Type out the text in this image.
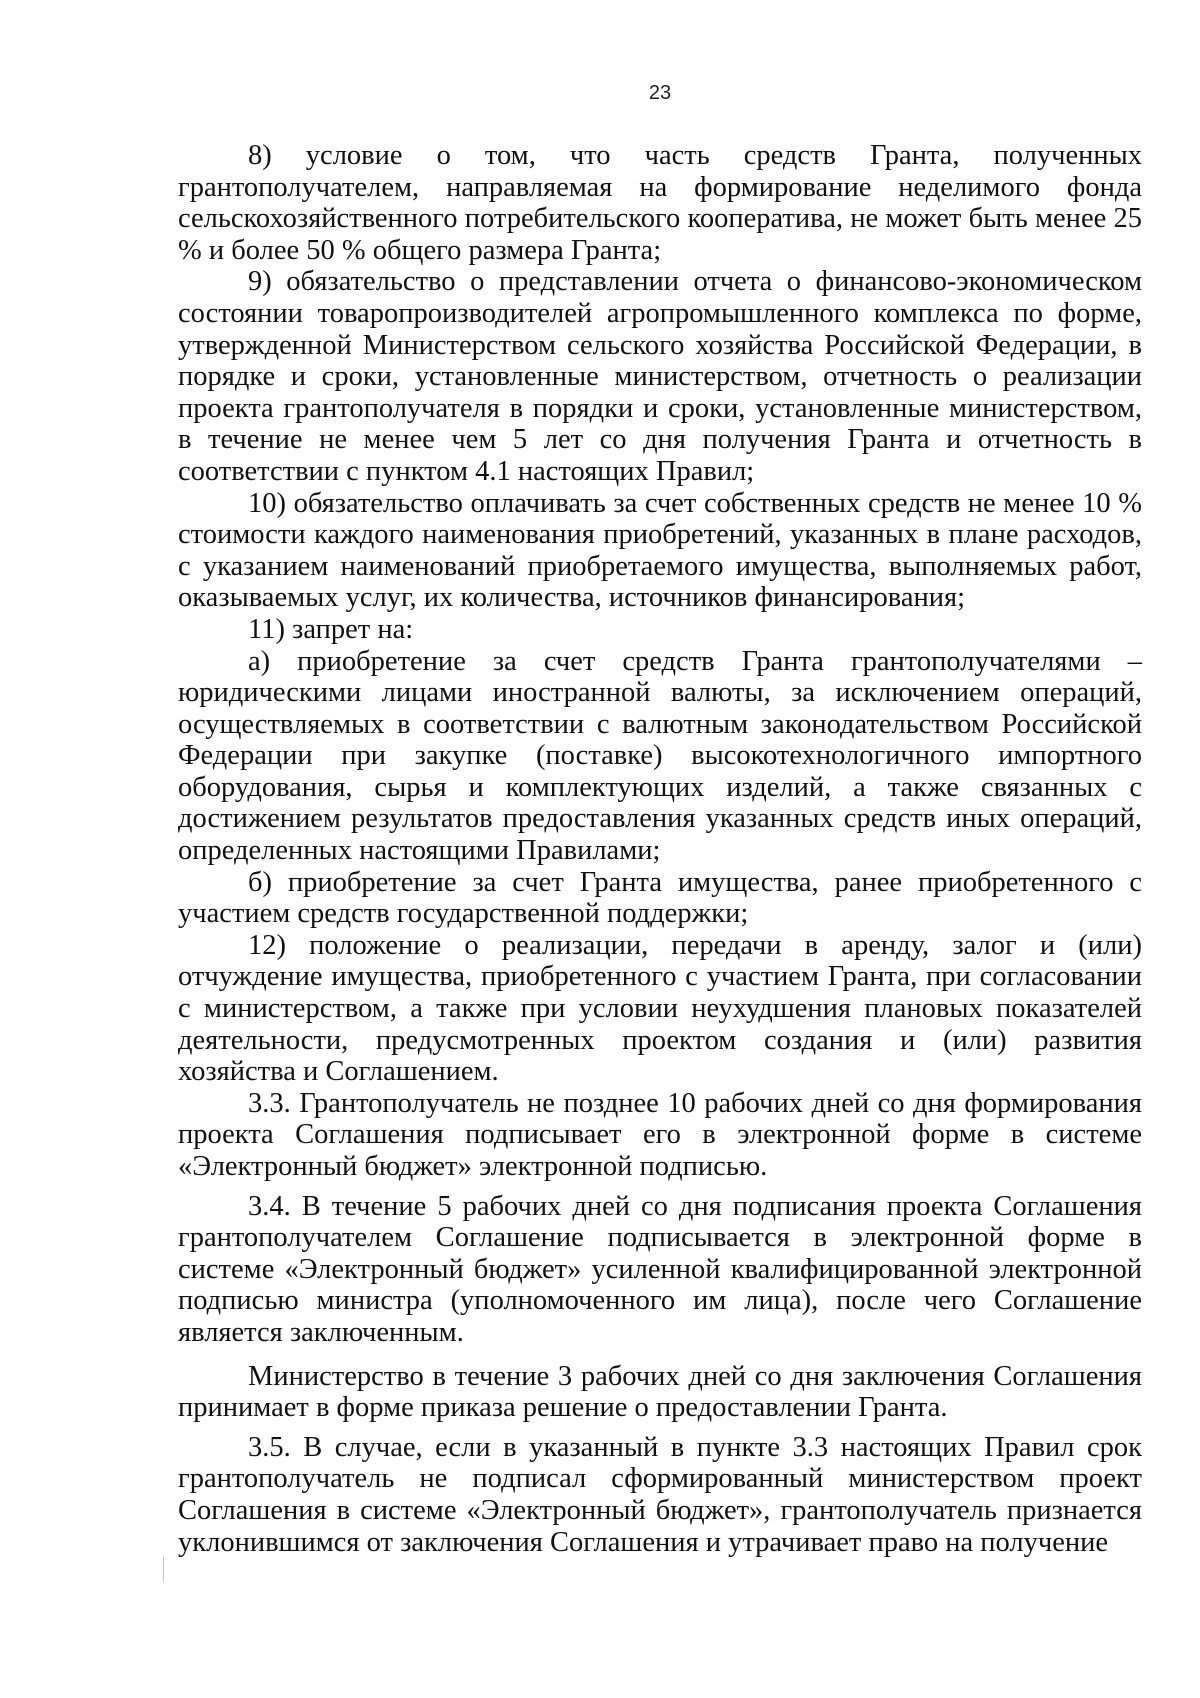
23

8) условие о том, что часть средств Гранта, полученных грантополучателем, направляемая на формирование неделимого фонда сельскохозяйственного потребительского кооператива, не может быть менее 25 % и более 50 % общего размера Гранта;

9) обязательство о представлении отчета о финансово-экономическом состоянии товаропроизводителей агропромышленного комплекса по форме, утвержденной Министерством сельского хозяйства Российской Федерации, в порядке и сроки, установленные министерством, отчетность о реализации проекта грантополучателя в порядки и сроки, установленные министерством, в течение не менее чем 5 лет со дня получения Гранта и отчетность в соответствии с пунктом 4.1 настоящих Правил;

10) обязательство оплачивать за счет собственных средств не менее 10 % стоимости каждого наименования приобретений, указанных в плане расходов, с указанием наименований приобретаемого имущества, выполняемых работ, оказываемых услуг, их количества, источников финансирования;

11) запрет на:

а) приобретение за счет средств Гранта грантополучателями – юридическими лицами иностранной валюты, за исключением операций, осуществляемых в соответствии с валютным законодательством Российской Федерации при закупке (поставке) высокотехнологичного импортного оборудования, сырья и комплектующих изделий, а также связанных с достижением результатов предоставления указанных средств иных операций, определенных настоящими Правилами;

б) приобретение за счет Гранта имущества, ранее приобретенного с участием средств государственной поддержки;

12) положение о реализации, передачи в аренду, залог и (или) отчуждение имущества, приобретенного с участием Гранта, при согласовании с министерством, а также при условии неухудшения плановых показателей деятельности, предусмотренных проектом создания и (или) развития хозяйства и Соглашением.

3.3. Грантополучатель не позднее 10 рабочих дней со дня формирования проекта Соглашения подписывает его в электронной форме в системе «Электронный бюджет» электронной подписью.

3.4. В течение 5 рабочих дней со дня подписания проекта Соглашения грантополучателем Соглашение подписывается в электронной форме в системе «Электронный бюджет» усиленной квалифицированной электронной подписью министра (уполномоченного им лица), после чего Соглашение является заключенным.

Министерство в течение 3 рабочих дней со дня заключения Соглашения принимает в форме приказа решение о предоставлении Гранта.

3.5. В случае, если в указанный в пункте 3.3 настоящих Правил срок грантополучатель не подписал сформированный министерством проект Соглашения в системе «Электронный бюджет», грантополучатель признается уклонившимся от заключения Соглашения и утрачивает право на получение
